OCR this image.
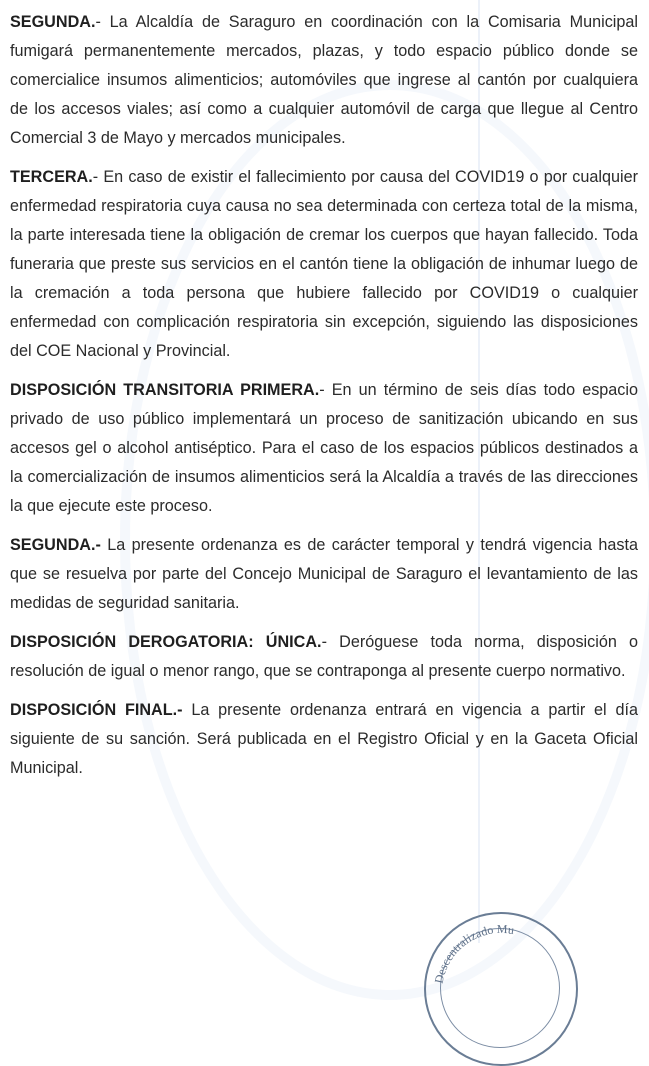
SEGUNDA.- La Alcaldía de Saraguro en coordinación con la Comisaria Municipal fumigará permanentemente mercados, plazas, y todo espacio público donde se comercialice insumos alimenticios; automóviles que ingrese al cantón por cualquiera de los accesos viales; así como a cualquier automóvil de carga que llegue al Centro Comercial 3 de Mayo y mercados municipales.

TERCERA.- En caso de existir el fallecimiento por causa del COVID19 o por cualquier enfermedad respiratoria cuya causa no sea determinada con certeza total de la misma, la parte interesada tiene la obligación de cremar los cuerpos que hayan fallecido. Toda funeraria que preste sus servicios en el cantón tiene la obligación de inhumar luego de la cremación a toda persona que hubiere fallecido por COVID19 o cualquier enfermedad con complicación respiratoria sin excepción, siguiendo las disposiciones del COE Nacional y Provincial.

DISPOSICIÓN TRANSITORIA PRIMERA.- En un término de seis días todo espacio privado de uso público implementará un proceso de sanitización ubicando en sus accesos gel o alcohol antiséptico. Para el caso de los espacios públicos destinados a la comercialización de insumos alimenticios será la Alcaldía a través de las direcciones la que ejecute este proceso.

SEGUNDA.- La presente ordenanza es de carácter temporal y tendrá vigencia hasta que se resuelva por parte del Concejo Municipal de Saraguro el levantamiento de las medidas de seguridad sanitaria.

DISPOSICIÓN DEROGATORIA: ÚNICA.- Deróguese toda norma, disposición o resolución de igual o menor rango, que se contraponga al presente cuerpo normativo.

DISPOSICIÓN FINAL.- La presente ordenanza entrará en vigencia a partir el día siguiente de su sanción. Será publicada en el Registro Oficial y en la Gaceta Oficial Municipal.

Descentralizado Mu
